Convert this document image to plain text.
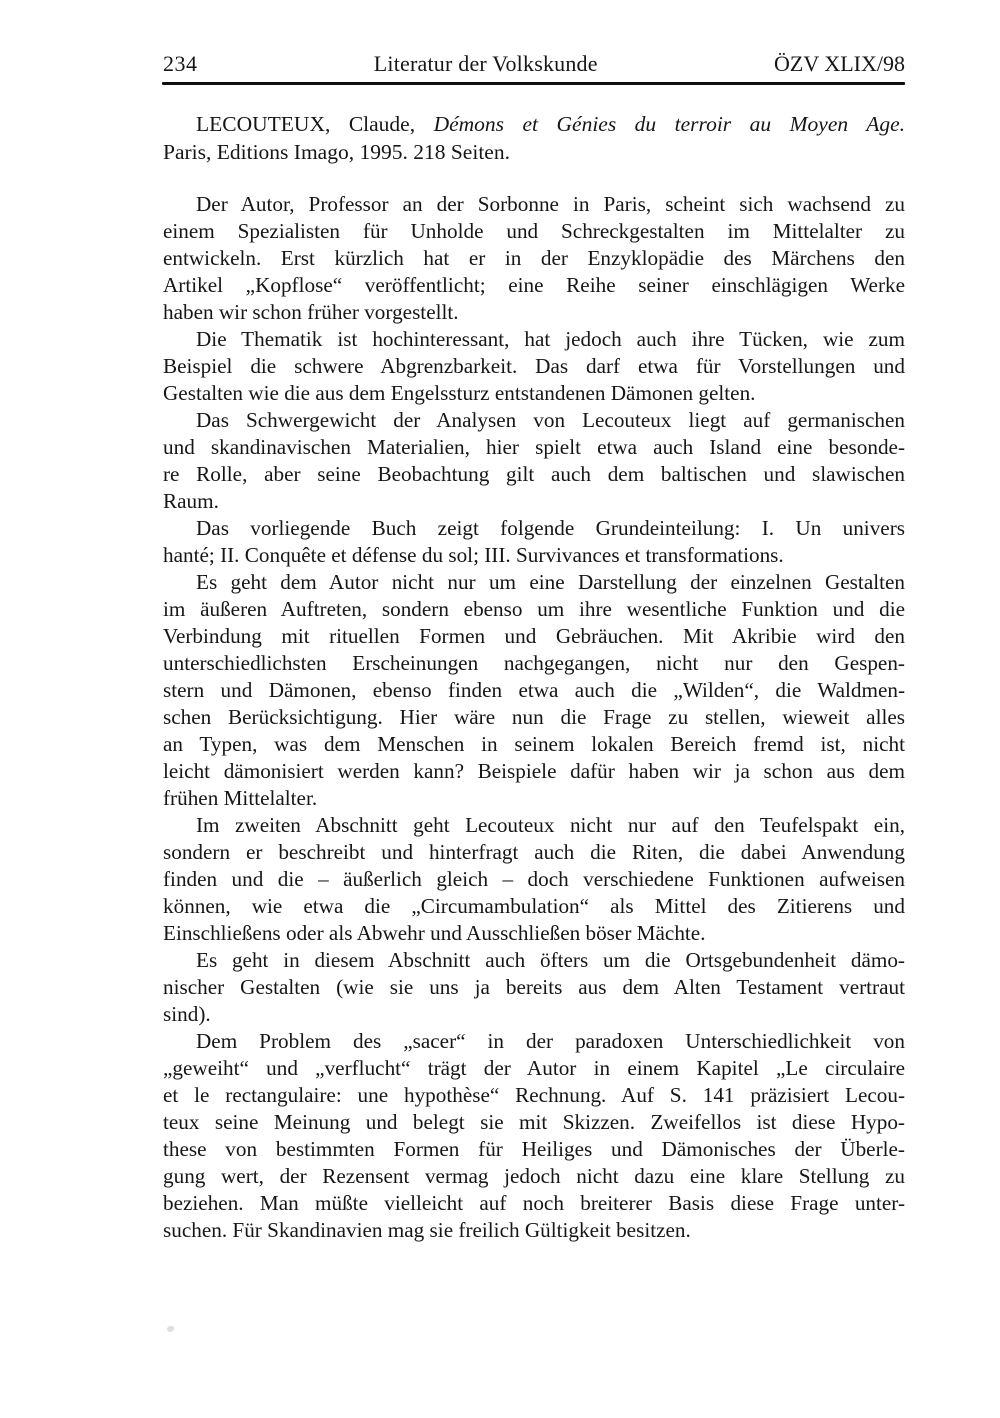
234	Literatur der Volkskunde	ÖZV XLIX/98
LECOUTEUX, Claude, Démons et Génies du terroir au Moyen Age.
Paris, Editions Imago, 1995. 218 Seiten.
Der Autor, Professor an der Sorbonne in Paris, scheint sich wachsend zu
einem Spezialisten für Unholde und Schreckgestalten im Mittelalter zu
entwickeln. Erst kürzlich hat er in der Enzyklopädie des Märchens den
Artikel „Kopflose“ veröffentlicht; eine Reihe seiner einschlägigen Werke
haben wir schon früher vorgestellt.
Die Thematik ist hochinteressant, hat jedoch auch ihre Tücken, wie zum
Beispiel die schwere Abgrenzbarkeit. Das darf etwa für Vorstellungen und
Gestalten wie die aus dem Engelssturz entstandenen Dämonen gelten.
Das Schwergewicht der Analysen von Lecouteux liegt auf germanischen
und skandinavischen Materialien, hier spielt etwa auch Island eine besonde-
re Rolle, aber seine Beobachtung gilt auch dem baltischen und slawischen
Raum.
Das vorliegende Buch zeigt folgende Grundeinteilung: I. Un univers
hanté; II. Conquête et défense du sol; III. Survivances et transformations.
Es geht dem Autor nicht nur um eine Darstellung der einzelnen Gestalten
im äußeren Auftreten, sondern ebenso um ihre wesentliche Funktion und die
Verbindung mit rituellen Formen und Gebräuchen. Mit Akribie wird den
unterschiedlichsten Erscheinungen nachgegangen, nicht nur den Gespen-
stern und Dämonen, ebenso finden etwa auch die „Wilden“, die Waldmen-
schen Berücksichtigung. Hier wäre nun die Frage zu stellen, wieweit alles
an Typen, was dem Menschen in seinem lokalen Bereich fremd ist, nicht
leicht dämonisiert werden kann? Beispiele dafür haben wir ja schon aus dem
frühen Mittelalter.
Im zweiten Abschnitt geht Lecouteux nicht nur auf den Teufelspakt ein,
sondern er beschreibt und hinterfragt auch die Riten, die dabei Anwendung
finden und die – äußerlich gleich – doch verschiedene Funktionen aufweisen
können, wie etwa die „Circumambulation“ als Mittel des Zitierens und
Einschließens oder als Abwehr und Ausschließen böser Mächte.
Es geht in diesem Abschnitt auch öfters um die Ortsgebundenheit dämo-
nischer Gestalten (wie sie uns ja bereits aus dem Alten Testament vertraut
sind).
Dem Problem des „sacer“ in der paradoxen Unterschiedlichkeit von
„geweiht“ und „verflucht“ trägt der Autor in einem Kapitel „Le circulaire
et le rectangulaire: une hypothèse“ Rechnung. Auf S. 141 präzisiert Lecou-
teux seine Meinung und belegt sie mit Skizzen. Zweifellos ist diese Hypo-
these von bestimmten Formen für Heiliges und Dämonisches der Überle-
gung wert, der Rezensent vermag jedoch nicht dazu eine klare Stellung zu
beziehen. Man müßte vielleicht auf noch breiterer Basis diese Frage unter-
suchen. Für Skandinavien mag sie freilich Gültigkeit besitzen.
